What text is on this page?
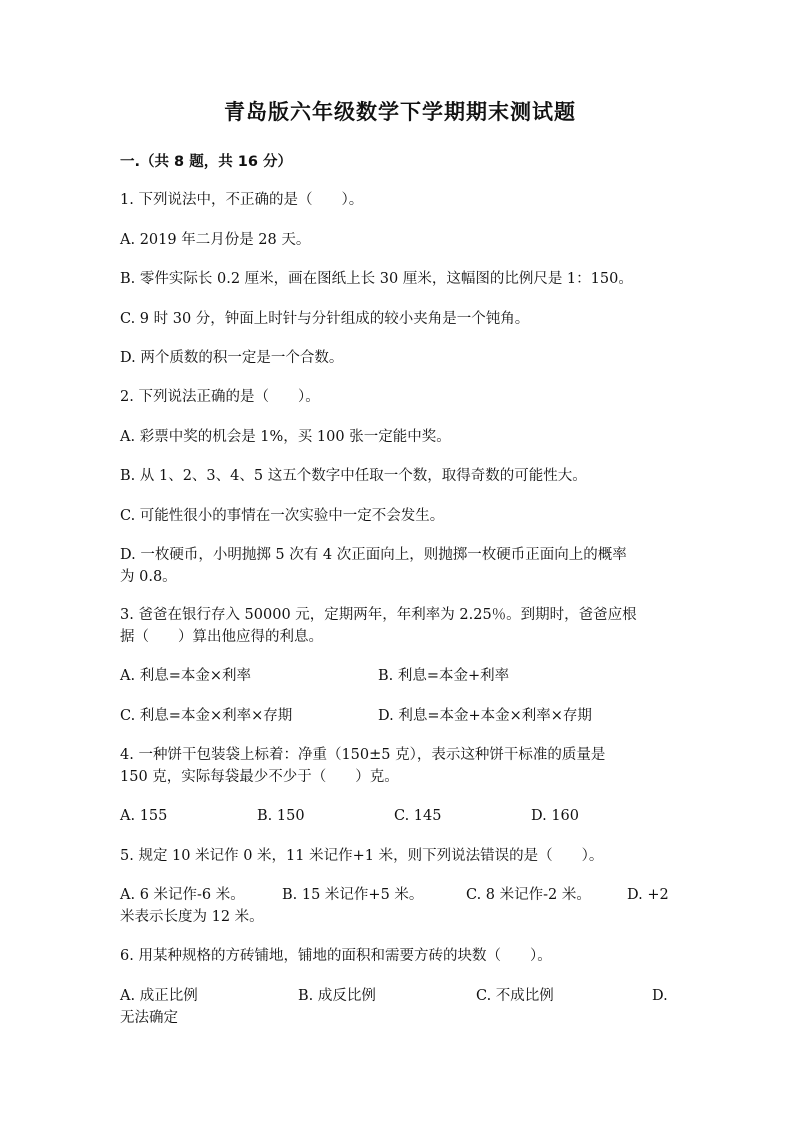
青岛版六年级数学下学期期末测试题
一.（共 8 题，共 16 分）
1. 下列说法中，不正确的是（　　）。
A. 2019 年二月份是 28 天。
B. 零件实际长 0.2 厘米，画在图纸上长 30 厘米，这幅图的比例尺是 1：150。
C. 9 时 30 分，钟面上时针与分针组成的较小夹角是一个钝角。
D. 两个质数的积一定是一个合数。
2. 下列说法正确的是（　　）。
A. 彩票中奖的机会是 1%，买 100 张一定能中奖。
B. 从 1、2、3、4、5 这五个数字中任取一个数，取得奇数的可能性大。
C. 可能性很小的事情在一次实验中一定不会发生。
D. 一枚硬币，小明抛掷 5 次有 4 次正面向上，则抛掷一枚硬币正面向上的概率
为 0.8。
3. 爸爸在银行存入 50000 元，定期两年，年利率为 2.25％。到期时，爸爸应根
据（　　）算出他应得的利息。
A. 利息=本金×利率	B. 利息=本金+利率
C. 利息=本金×利率×存期	D. 利息=本金+本金×利率×存期
4. 一种饼干包装袋上标着：净重（150±5 克），表示这种饼干标准的质量是
150 克，实际每袋最少不少于（　　）克。
A. 155	B. 150	C. 145	D. 160
5. 规定 10 米记作 0 米，11 米记作+1 米，则下列说法错误的是（　　）。
A. 6 米记作-6 米。	B. 15 米记作+5 米。	C. 8 米记作-2 米。 D. +2
米表示长度为 12 米。
6. 用某种规格的方砖铺地，铺地的面积和需要方砖的块数（　　）。
A. 成正比例	B. 成反比例	C. 不成比例	D.
无法确定
